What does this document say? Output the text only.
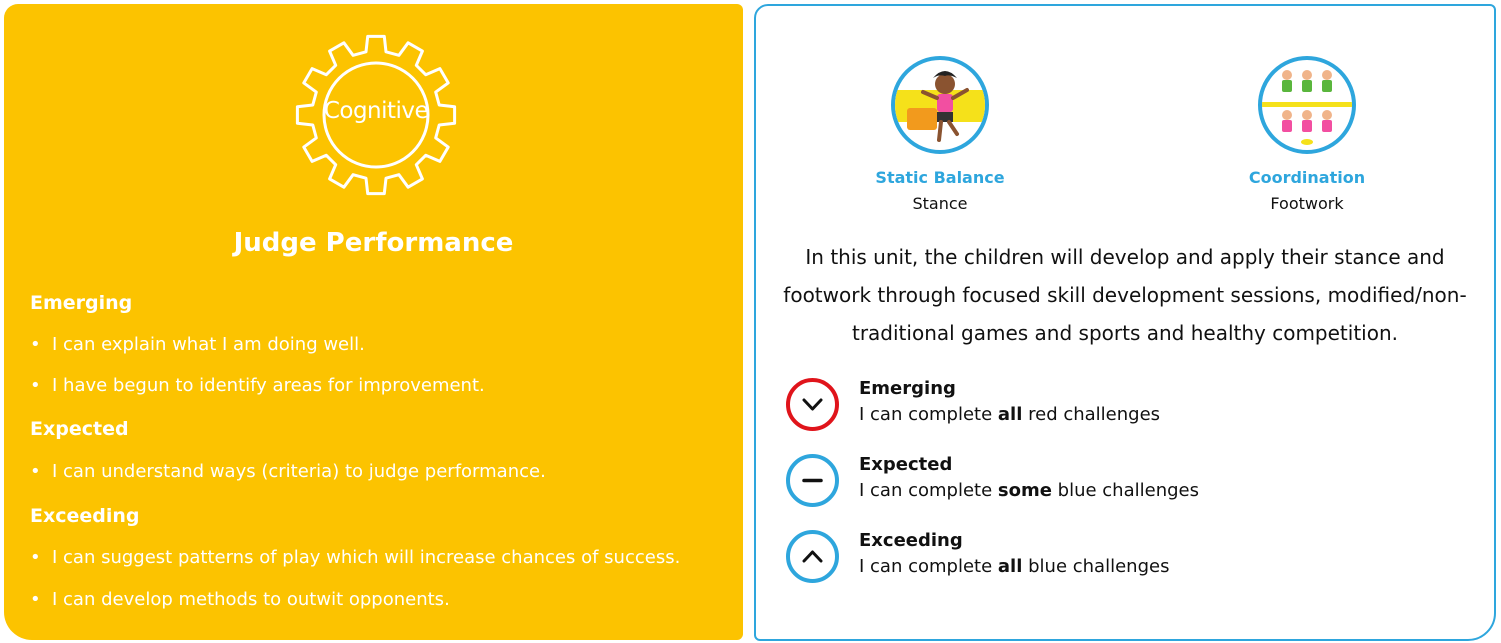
Cognitive
Judge Performance
Emerging
• I can explain what I am doing well.
• I have begun to identify areas for improvement.
Expected
• I can understand ways (criteria) to judge performance.
Exceeding
• I can suggest patterns of play which will increase chances of success.
• I can develop methods to outwit opponents.
Static Balance
Stance
Coordination
Footwork
In this unit, the children will develop and apply their stance and footwork through focused skill development sessions, modified/non-traditional games and sports and healthy competition.
Emerging
I can complete all red challenges
Expected
I can complete some blue challenges
Exceeding
I can complete all blue challenges
